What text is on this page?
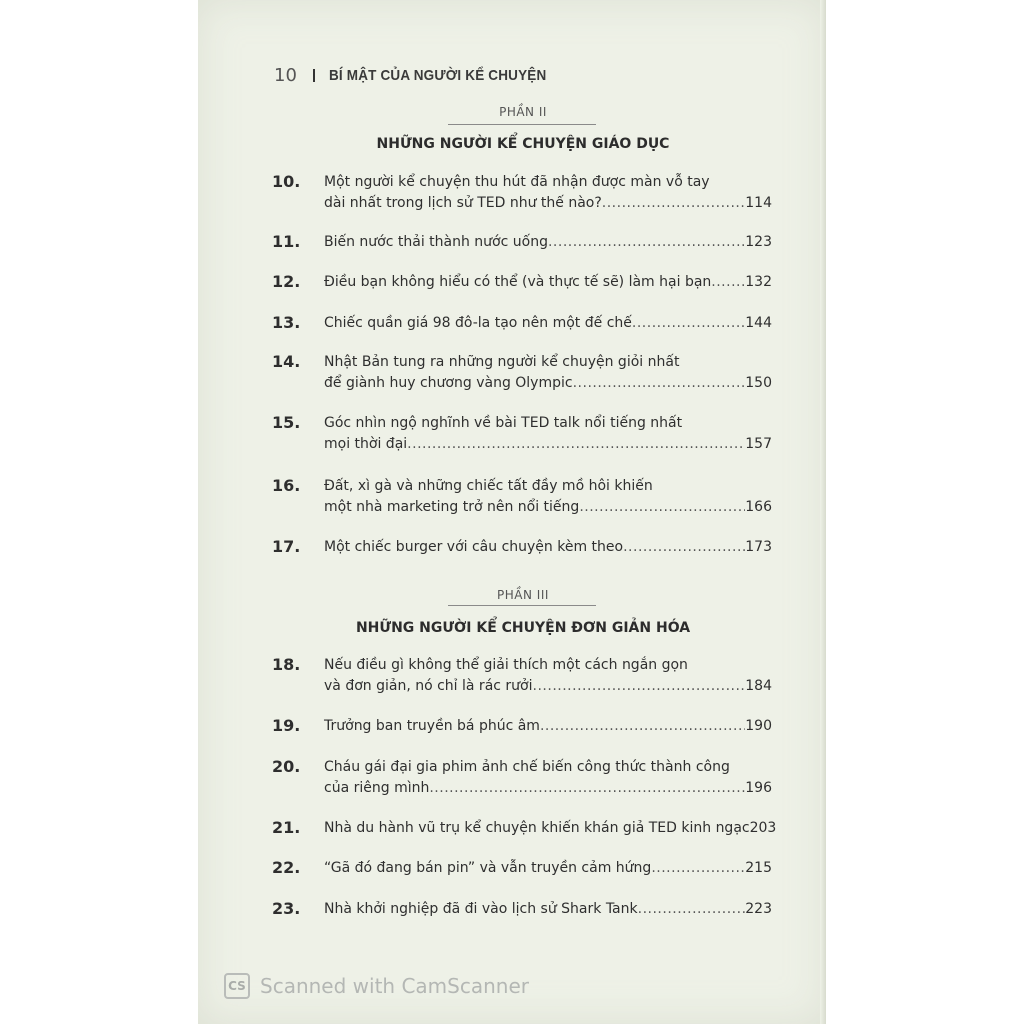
10 BÍ MẬT CỦA NGƯỜI KỂ CHUYỆN
PHẦN II
NHỮNG NGƯỜI KỂ CHUYỆN GIÁO DỤC
10. Một người kể chuyện thu hút đã nhận được màn vỗ tay
dài nhất trong lịch sử TED như thế nào? .....	114
11. Biến nước thải thành nước uống .....	123
12. Điều bạn không hiểu có thể (và thực tế sẽ) làm hại bạn ..... 132
13. Chiếc quần giá 98 đô-la tạo nên một đế chế .....	144
14. Nhật Bản tung ra những người kể chuyện giỏi nhất
để giành huy chương vàng Olympic .....	150
15. Góc nhìn ngộ nghĩnh về bài TED talk nổi tiếng nhất
mọi thời đại .....	157
16. Đất, xì gà và những chiếc tất đầy mồ hôi khiến
một nhà marketing trở nên nổi tiếng .....	166
17. Một chiếc burger với câu chuyện kèm theo .....	173
PHẦN III
NHỮNG NGƯỜI KỂ CHUYỆN ĐƠN GIẢN HÓA
18. Nếu điều gì không thể giải thích một cách ngắn gọn
và đơn giản, nó chỉ là rác rưởi .....	184
19. Trưởng ban truyền bá phúc âm .....	190
20. Cháu gái đại gia phim ảnh chế biến công thức thành công
của riêng mình .....	196
21. Nhà du hành vũ trụ kể chuyện khiến khán giả TED kinh ngạc 203
22. “Gã đó đang bán pin” và vẫn truyền cảm hứng .....	215
23. Nhà khởi nghiệp đã đi vào lịch sử Shark Tank .....	223
CS Scanned with CamScanner
